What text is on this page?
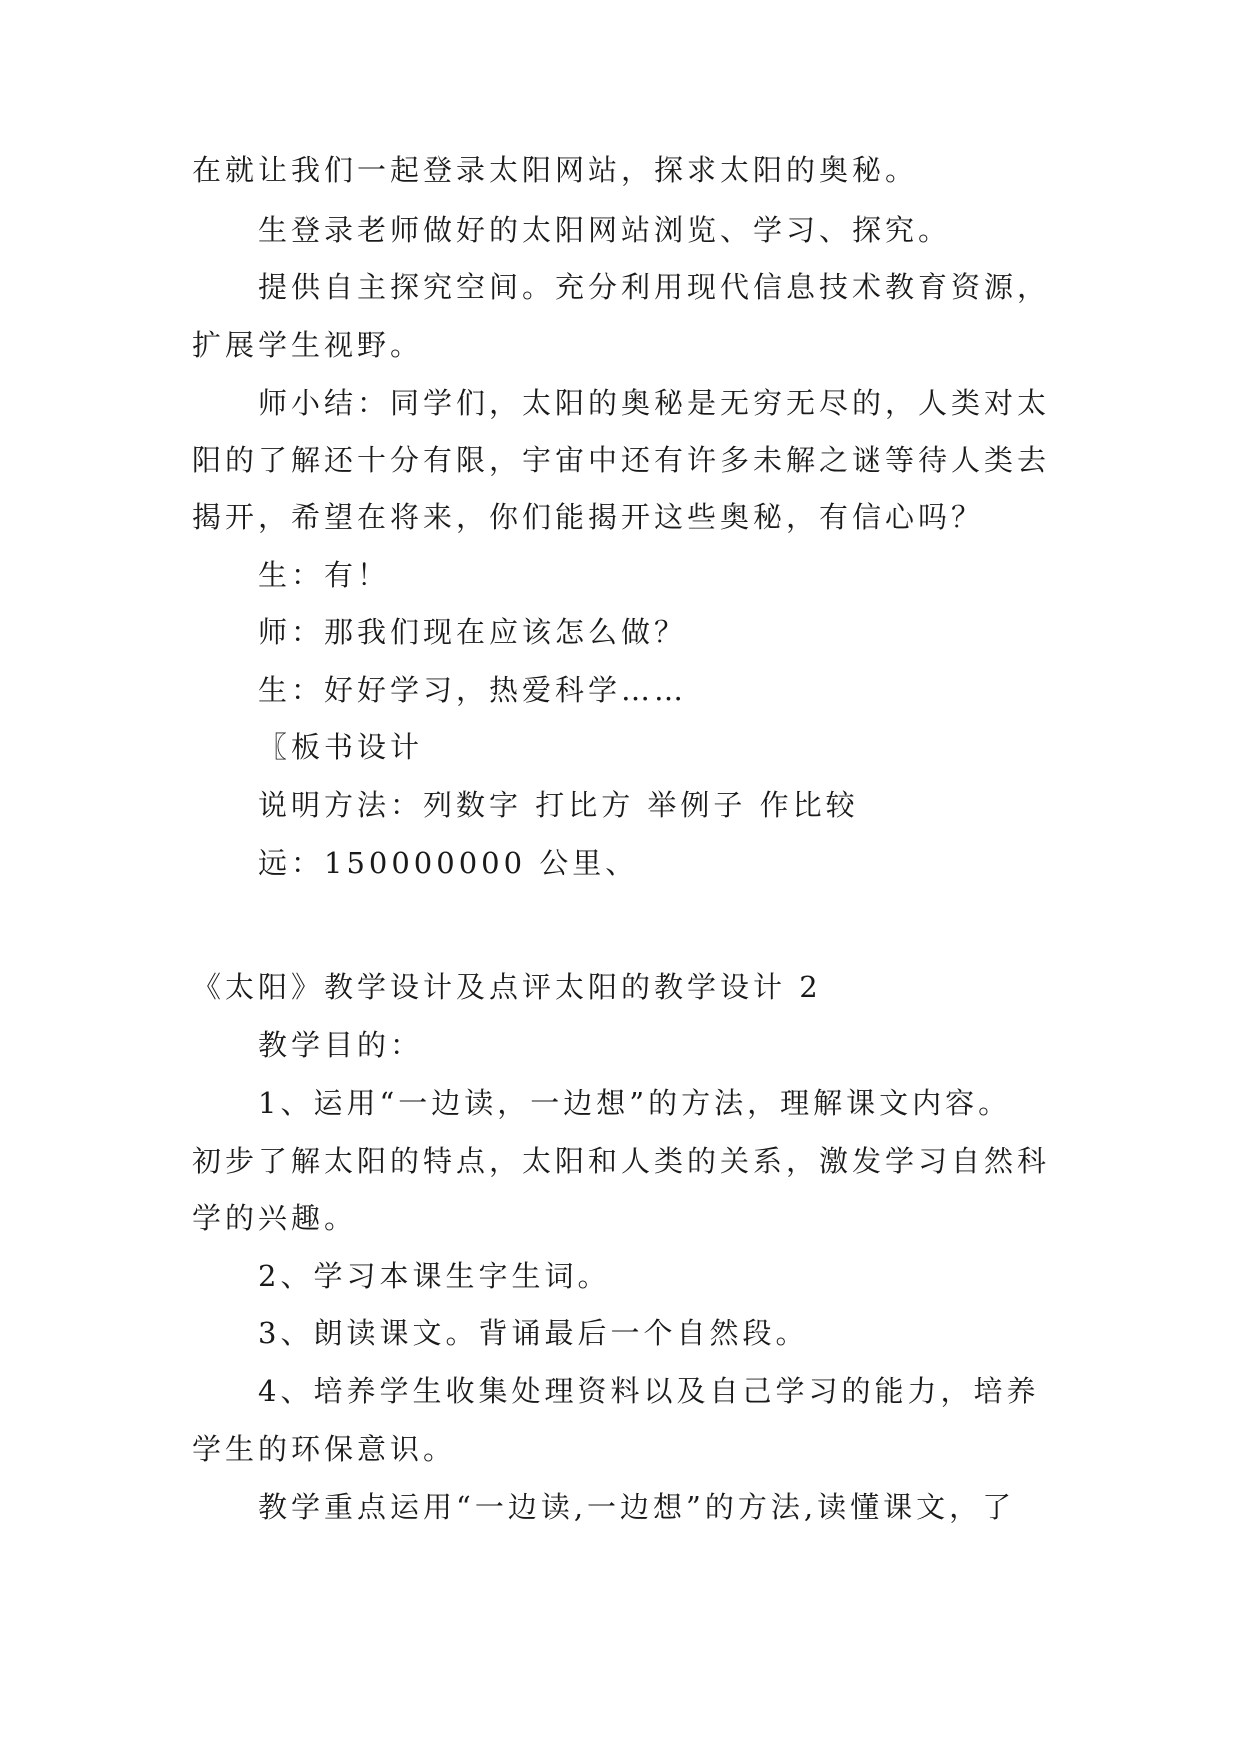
在就让我们一起登录太阳网站，探求太阳的奥秘。
生登录老师做好的太阳网站浏览、学习、探究。
提供自主探究空间。充分利用现代信息技术教育资源，
扩展学生视野。
师小结：同学们，太阳的奥秘是无穷无尽的，人类对太
阳的了解还十分有限，宇宙中还有许多未解之谜等待人类去
揭开，希望在将来，你们能揭开这些奥秘，有信心吗？
生：有！
师：那我们现在应该怎么做？
生：好好学习，热爱科学……
〖板书设计
说明方法：列数字 打比方 举例子 作比较
远：150000000 公里、
《太阳》教学设计及点评太阳的教学设计 2
教学目的：
1、运用“一边读，一边想”的方法，理解课文内容。
初步了解太阳的特点，太阳和人类的关系，激发学习自然科
学的兴趣。
2、学习本课生字生词。
3、朗读课文。背诵最后一个自然段。
4、培养学生收集处理资料以及自己学习的能力，培养
学生的环保意识。
教学重点运用“一边读,一边想”的方法,读懂课文，了
